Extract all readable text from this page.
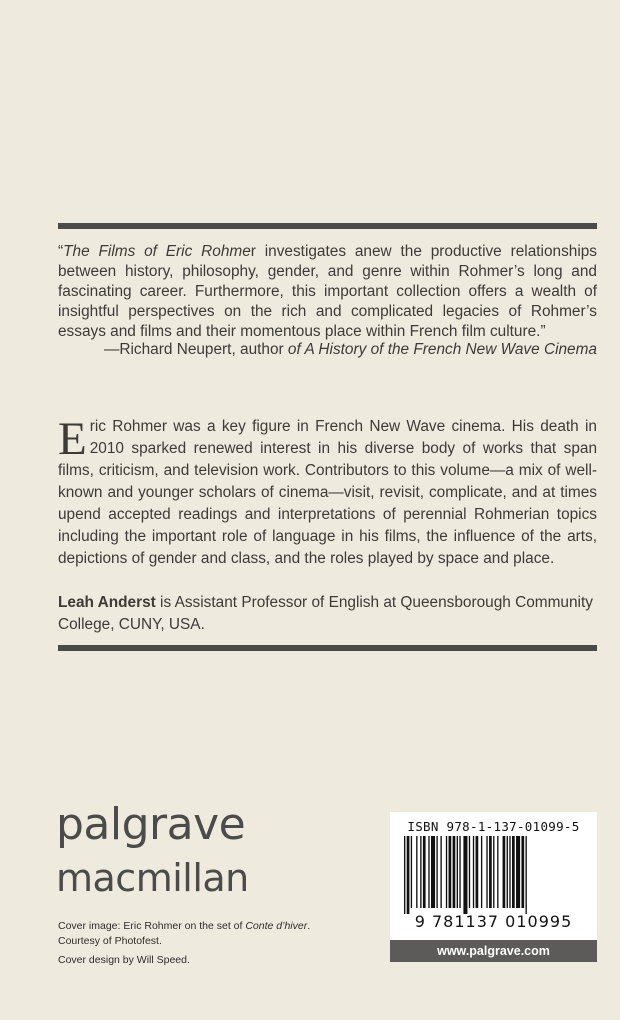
“The Films of Eric Rohmer investigates anew the productive relationships between history, philosophy, gender, and genre within Rohmer’s long and fascinating career. Furthermore, this important collection offers a wealth of insightful perspectives on the rich and complicated legacies of Rohmer’s essays and films and their momentous place within French film culture.”
—Richard Neupert, author of A History of the French New Wave Cinema
Eric Rohmer was a key figure in French New Wave cinema. His death in 2010 sparked renewed interest in his diverse body of works that span films, criticism, and television work. Contributors to this volume—a mix of well-known and younger scholars of cinema—visit, revisit, complicate, and at times upend accepted readings and interpretations of perennial Rohmerian topics including the important role of language in his films, the influence of the arts, depictions of gender and class, and the roles played by space and place.
Leah Anderst is Assistant Professor of English at Queensborough Community College, CUNY, USA.
palgrave
macmillan

Cover image: Eric Rohmer on the set of Conte d’hiver.

Courtesy of Photofest.

Cover design by Will Speed.

ISBN 978-1-137-01099-5
9 781137 010995
www.palgrave.com
